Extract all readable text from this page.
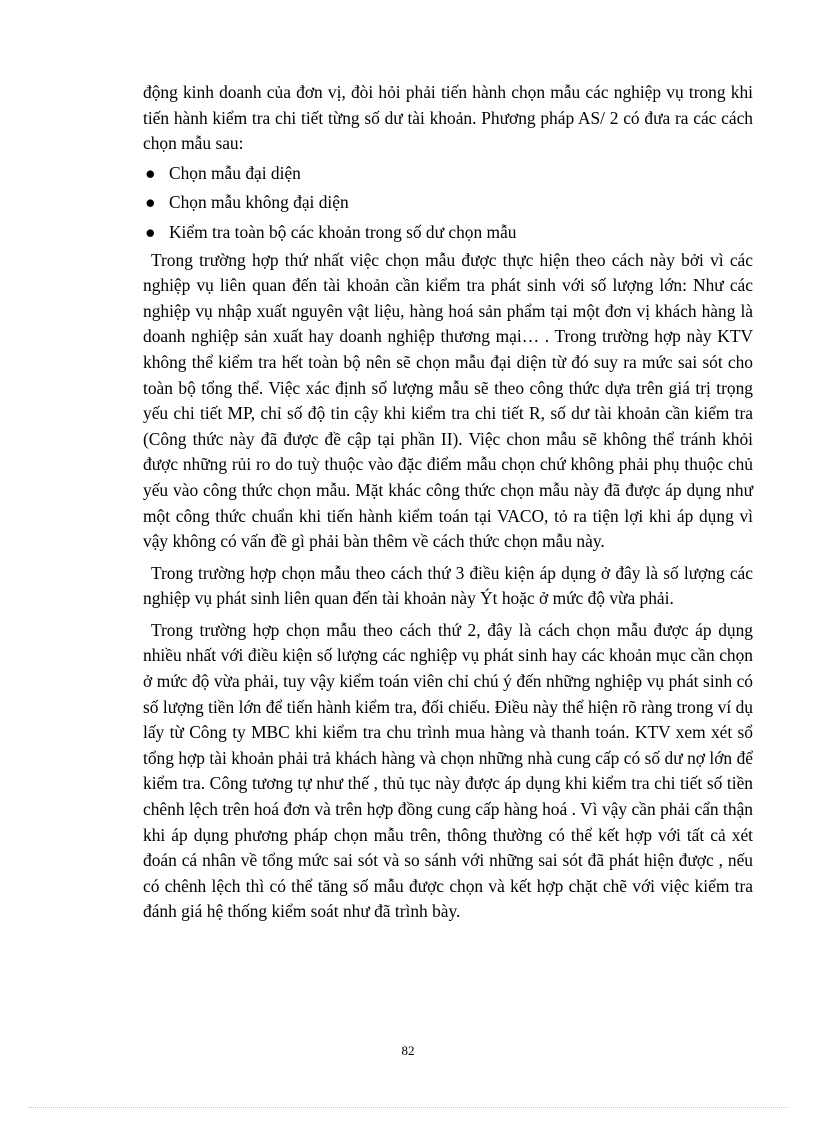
động kinh doanh của đơn vị, đòi hỏi phải tiến hành chọn mẫu các nghiệp vụ trong khi tiến hành kiểm tra chi tiết từng số dư tài khoản. Phương pháp AS/ 2 có đưa ra các cách chọn mẫu sau:

● Chọn mẫu đại diện
● Chọn mẫu không đại diện
● Kiểm tra toàn bộ các khoản trong số dư chọn mẫu

Trong trường hợp thứ nhất việc chọn mẫu được thực hiện theo cách này bởi vì các nghiệp vụ liên quan đến tài khoản cần kiểm tra phát sinh với số lượng lớn: Như các nghiệp vụ nhập xuất nguyên vật liệu, hàng hoá sản phẩm tại một đơn vị khách hàng là doanh nghiệp sản xuất hay doanh nghiệp thương mại… . Trong trường hợp này KTV không thể kiểm tra hết toàn bộ nên sẽ chọn mẫu đại diện từ đó suy ra mức sai sót cho toàn bộ tổng thể. Việc xác định số lượng mẫu sẽ theo công thức dựa trên giá trị trọng yếu chi tiết MP, chỉ số độ tin cậy khi kiểm tra chi tiết R, số dư tài khoản cần kiểm tra (Công thức này đã được đề cập tại phần II). Việc chon mẫu sẽ không thể tránh khỏi được những rủi ro do tuỳ thuộc vào đặc điểm mẫu chọn chứ không phải phụ thuộc chủ yếu vào công thức chọn mẫu. Mặt khác công thức chọn mẫu này đã được áp dụng như một công thức chuẩn khi tiến hành kiểm toán tại VACO, tỏ ra tiện lợi khi áp dụng vì vậy không có vấn đề gì phải bàn thêm về cách thức chọn mẫu này.

Trong trường hợp chọn mẫu theo cách thứ 3 điều kiện áp dụng ở đây là số lượng các nghiệp vụ phát sinh liên quan đến tài khoản này Ýt hoặc ở mức độ vừa phải.

Trong trường hợp chọn mẫu theo cách thứ 2, đây là cách chọn mẫu được áp dụng nhiều nhất với điều kiện số lượng các nghiệp vụ phát sinh hay các khoản mục cần chọn ở mức độ vừa phải, tuy vậy kiểm toán viên chỉ chú ý đến những nghiệp vụ phát sinh có số lượng tiền lớn để tiến hành kiểm tra, đối chiếu. Điều này thể hiện rõ ràng trong ví dụ lấy từ Công ty MBC khi kiểm tra chu trình mua hàng và thanh toán. KTV xem xét sổ tổng hợp tài khoản phải trả khách hàng và chọn những nhà cung cấp có số dư nợ lớn để kiểm tra. Công tương tự như thế , thủ tục này được áp dụng khi kiểm tra chi tiết số tiền chênh lệch trên hoá đơn và trên hợp đồng cung cấp hàng hoá . Vì vậy cần phải cẩn thận khi áp dụng phương pháp chọn mẫu trên, thông thường có thể kết hợp với tất cả xét đoán cá nhân về tổng mức sai sót và so sánh với những sai sót đã phát hiện được , nếu có chênh lệch thì có thể tăng số mẫu được chọn và kết hợp chặt chẽ với việc kiểm tra đánh giá hệ thống kiểm soát như đã trình bày.

82
